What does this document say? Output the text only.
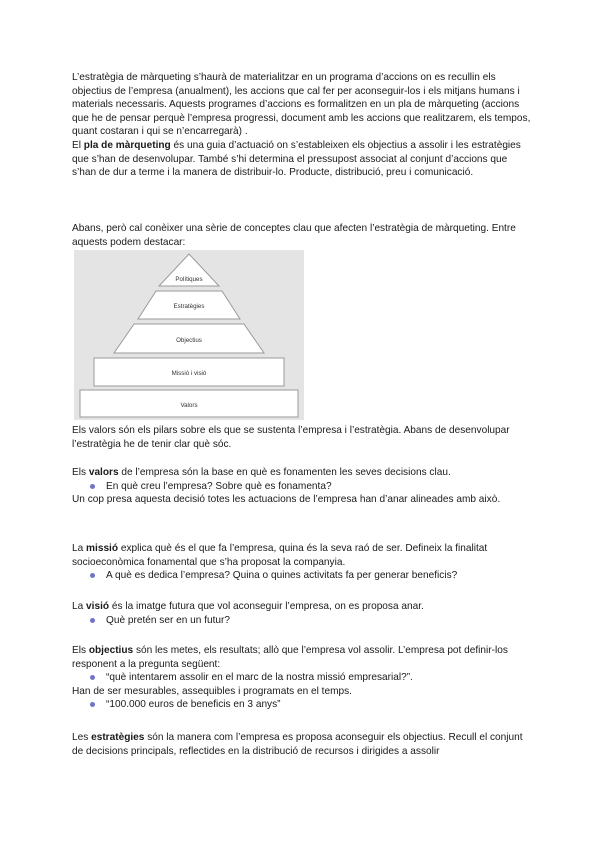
L’estratègia de màrqueting s’haurà de materialitzar en un programa d’accions on es recullin els objectius de l’empresa (anualment), les accions que cal fer per aconseguir-los i els mitjans humans i materials necessaris. Aquests programes d’accions es formalitzen en un pla de màrqueting (accions que he de pensar perquè l’empresa progressi, document amb les accions que realitzarem, els tempos, quant costaran i qui se n’encarregarà) .

El pla de màrqueting és una guia d’actuació on s’estableixen els objectius a assolir i les estratègies que s’han de desenvolupar. També s’hi determina el pressupost associat al conjunt d’accions que s’han de dur a terme i la manera de distribuir-lo. Producte, distribució, preu i comunicació.

Abans, però cal conèixer una sèrie de conceptes clau que afecten l’estratègia de màrqueting. Entre aquests podem destacar:

Polítiques
Estratègies
Objectius
Missió i visió
Valors

Els valors són els pilars sobre els que se sustenta l’empresa i l’estratègia. Abans de desenvolupar l’estratègia he de tenir clar què sóc.

Els valors de l’empresa són la base en què es fonamenten les seves decisions clau.

En què creu l’empresa? Sobre què es fonamenta?

Un cop presa aquesta decisió totes les actuacions de l’empresa han d’anar alineades amb això.

La missió explica què és el que fa l’empresa, quina és la seva raó de ser. Defineix la finalitat socioeconòmica fonamental que s’ha proposat la companyia.

A què es dedica l’empresa? Quina o quines activitats fa per generar beneficis?

La visió és la imatge futura que vol aconseguir l’empresa, on es proposa anar.

Què pretén ser en un futur?

Els objectius són les metes, els resultats; allò que l’empresa vol assolir. L’empresa pot definir-los responent a la pregunta següent:

“què intentarem assolir en el marc de la nostra missió empresarial?”.

Han de ser mesurables, assequibles i programats en el temps.

“100.000 euros de beneficis en 3 anys”

Les estratègies són la manera com l’empresa es proposa aconseguir els objectius. Recull el conjunt de decisions principals, reflectides en la distribució de recursos i dirigides a assolir
